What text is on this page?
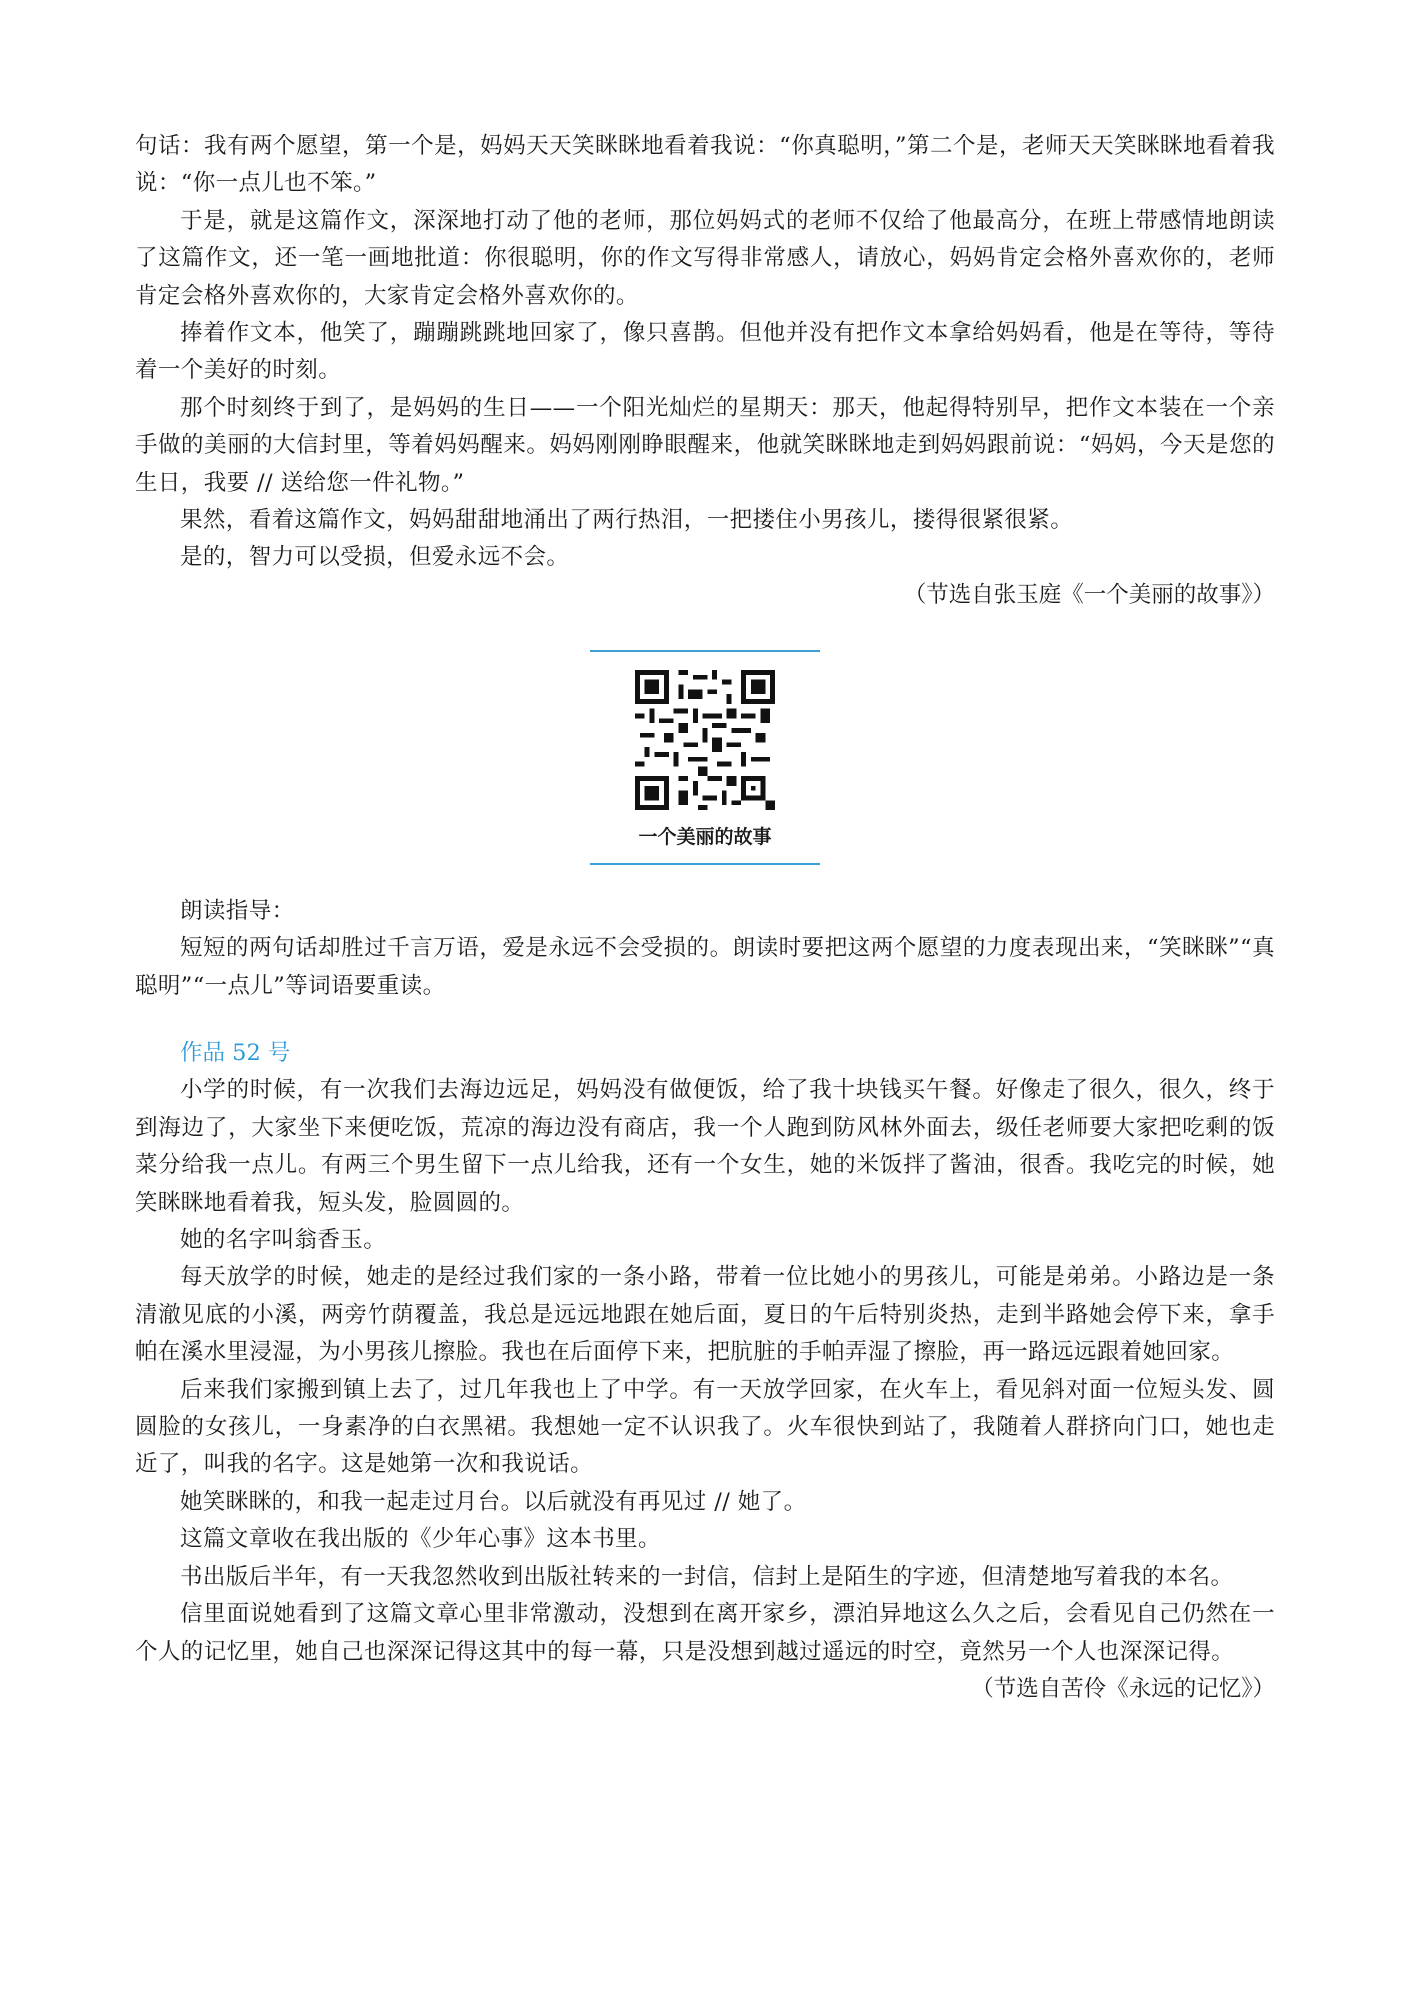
句话：我有两个愿望，第一个是，妈妈天天笑眯眯地看着我说：“你真聪明，”第二个是，老师天天笑眯眯地看着我说：“你一点儿也不笨。”

于是，就是这篇作文，深深地打动了他的老师，那位妈妈式的老师不仅给了他最高分，在班上带感情地朗读了这篇作文，还一笔一画地批道：你很聪明，你的作文写得非常感人，请放心，妈妈肯定会格外喜欢你的，老师肯定会格外喜欢你的，大家肯定会格外喜欢你的。

捧着作文本，他笑了，蹦蹦跳跳地回家了，像只喜鹊。但他并没有把作文本拿给妈妈看，他是在等待，等待着一个美好的时刻。

那个时刻终于到了，是妈妈的生日——一个阳光灿烂的星期天：那天，他起得特别早，把作文本装在一个亲手做的美丽的大信封里，等着妈妈醒来。妈妈刚刚睁眼醒来，他就笑眯眯地走到妈妈跟前说：“妈妈，今天是您的生日，我要 // 送给您一件礼物。”

果然，看着这篇作文，妈妈甜甜地涌出了两行热泪，一把搂住小男孩儿，搂得很紧很紧。

是的，智力可以受损，但爱永远不会。

（节选自张玉庭《一个美丽的故事》）

一个美丽的故事

朗读指导：

短短的两句话却胜过千言万语，爱是永远不会受损的。朗读时要把这两个愿望的力度表现出来，“笑眯眯”“真聪明”“一点儿”等词语要重读。

作品 52 号

小学的时候，有一次我们去海边远足，妈妈没有做便饭，给了我十块钱买午餐。好像走了很久，很久，终于到海边了，大家坐下来便吃饭，荒凉的海边没有商店，我一个人跑到防风林外面去，级任老师要大家把吃剩的饭菜分给我一点儿。有两三个男生留下一点儿给我，还有一个女生，她的米饭拌了酱油，很香。我吃完的时候，她笑眯眯地看着我，短头发，脸圆圆的。

她的名字叫翁香玉。

每天放学的时候，她走的是经过我们家的一条小路，带着一位比她小的男孩儿，可能是弟弟。小路边是一条清澈见底的小溪，两旁竹荫覆盖，我总是远远地跟在她后面，夏日的午后特别炎热，走到半路她会停下来，拿手帕在溪水里浸湿，为小男孩儿擦脸。我也在后面停下来，把肮脏的手帕弄湿了擦脸，再一路远远跟着她回家。

后来我们家搬到镇上去了，过几年我也上了中学。有一天放学回家，在火车上，看见斜对面一位短头发、圆圆脸的女孩儿，一身素净的白衣黑裙。我想她一定不认识我了。火车很快到站了，我随着人群挤向门口，她也走近了，叫我的名字。这是她第一次和我说话。

她笑眯眯的，和我一起走过月台。以后就没有再见过 // 她了。

这篇文章收在我出版的《少年心事》这本书里。

书出版后半年，有一天我忽然收到出版社转来的一封信，信封上是陌生的字迹，但清楚地写着我的本名。

信里面说她看到了这篇文章心里非常激动，没想到在离开家乡，漂泊异地这么久之后，会看见自己仍然在一个人的记忆里，她自己也深深记得这其中的每一幕，只是没想到越过遥远的时空，竟然另一个人也深深记得。

（节选自苦伶《永远的记忆》）
